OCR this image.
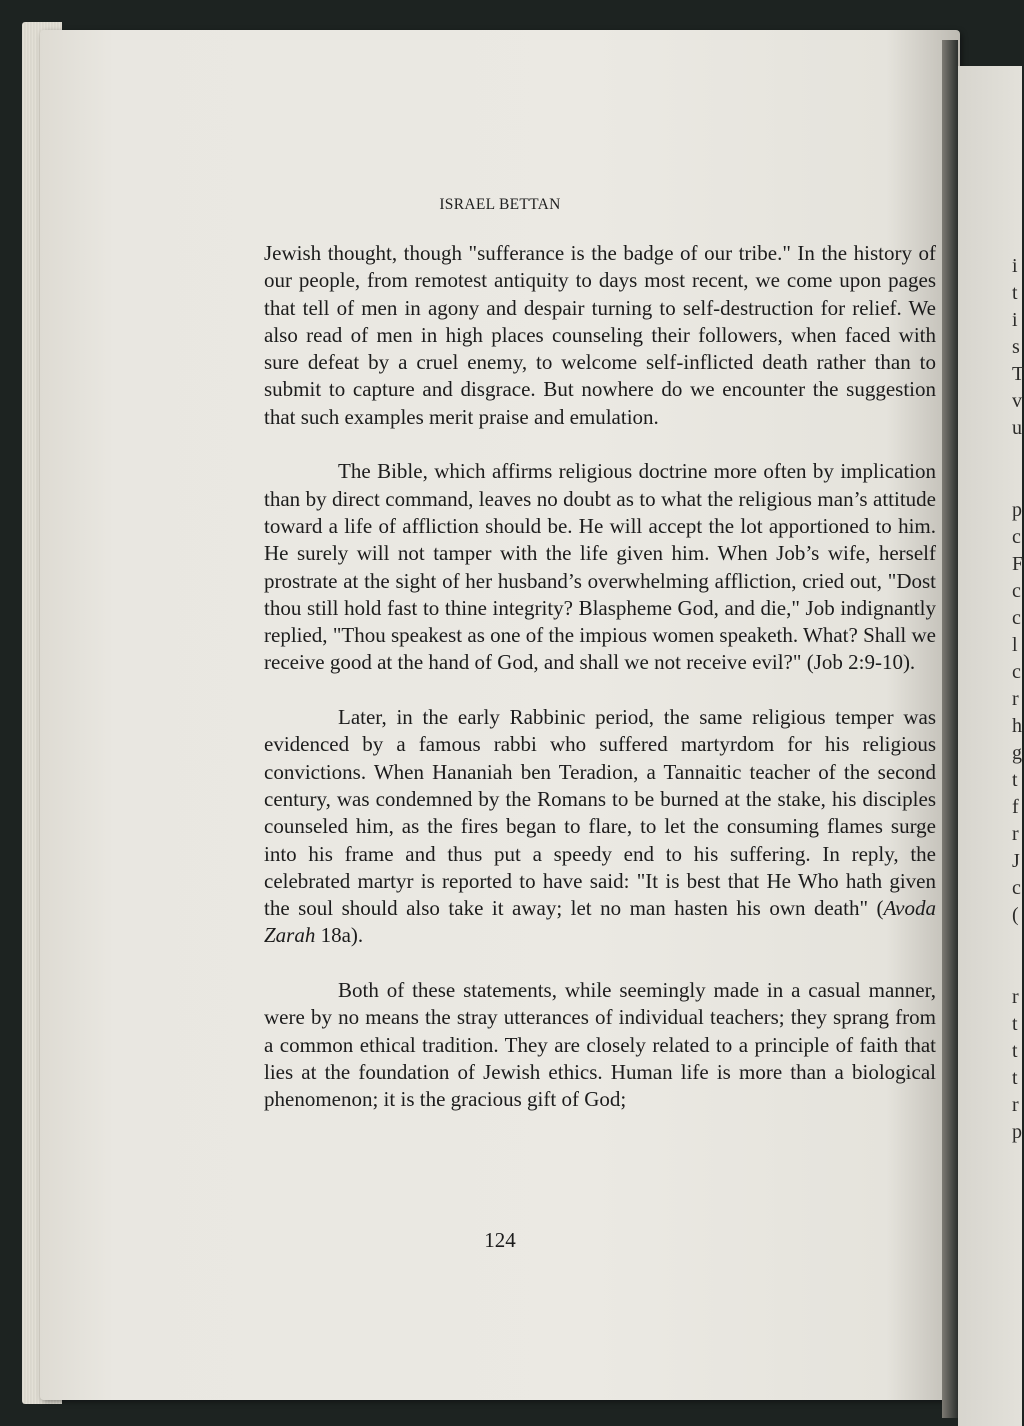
ISRAEL BETTAN

Jewish thought, though "sufferance is the badge of our tribe." In the history of our people, from remotest antiquity to days most recent, we come upon pages that tell of men in agony and despair turning to self-destruction for relief. We also read of men in high places counseling their followers, when faced with sure defeat by a cruel enemy, to welcome self-inflicted death rather than to submit to capture and disgrace. But nowhere do we encounter the suggestion that such examples merit praise and emulation.

The Bible, which affirms religious doctrine more often by implication than by direct command, leaves no doubt as to what the religious man’s attitude toward a life of affliction should be. He will accept the lot apportioned to him. He surely will not tamper with the life given him. When Job’s wife, herself prostrate at the sight of her husband’s overwhelming affliction, cried out, "Dost thou still hold fast to thine integrity? Blaspheme God, and die," Job indignantly replied, "Thou speakest as one of the impious women speaketh. What? Shall we receive good at the hand of God, and shall we not receive evil?" (Job 2:9-10).

Later, in the early Rabbinic period, the same religious temper was evidenced by a famous rabbi who suffered martyrdom for his religious convictions. When Hananiah ben Teradion, a Tannaitic teacher of the second century, was condemned by the Romans to be burned at the stake, his disciples counseled him, as the fires began to flare, to let the consuming flames surge into his frame and thus put a speedy end to his suffering. In reply, the celebrated martyr is reported to have said: "It is best that He Who hath given the soul should also take it away; let no man hasten his own death" (Avoda Zarah 18a).

Both of these statements, while seemingly made in a casual manner, were by no means the stray utterances of individual teachers; they sprang from a common ethical tradition. They are closely related to a principle of faith that lies at the foundation of Jewish ethics. Human life is more than a biological phenomenon; it is the gracious gift of God;

124
i
t
i
s
T
v
u
p
c
F
c
c
l
c
r
h
g
t
f
r
J
c
(
r
t
t
t
r
p
